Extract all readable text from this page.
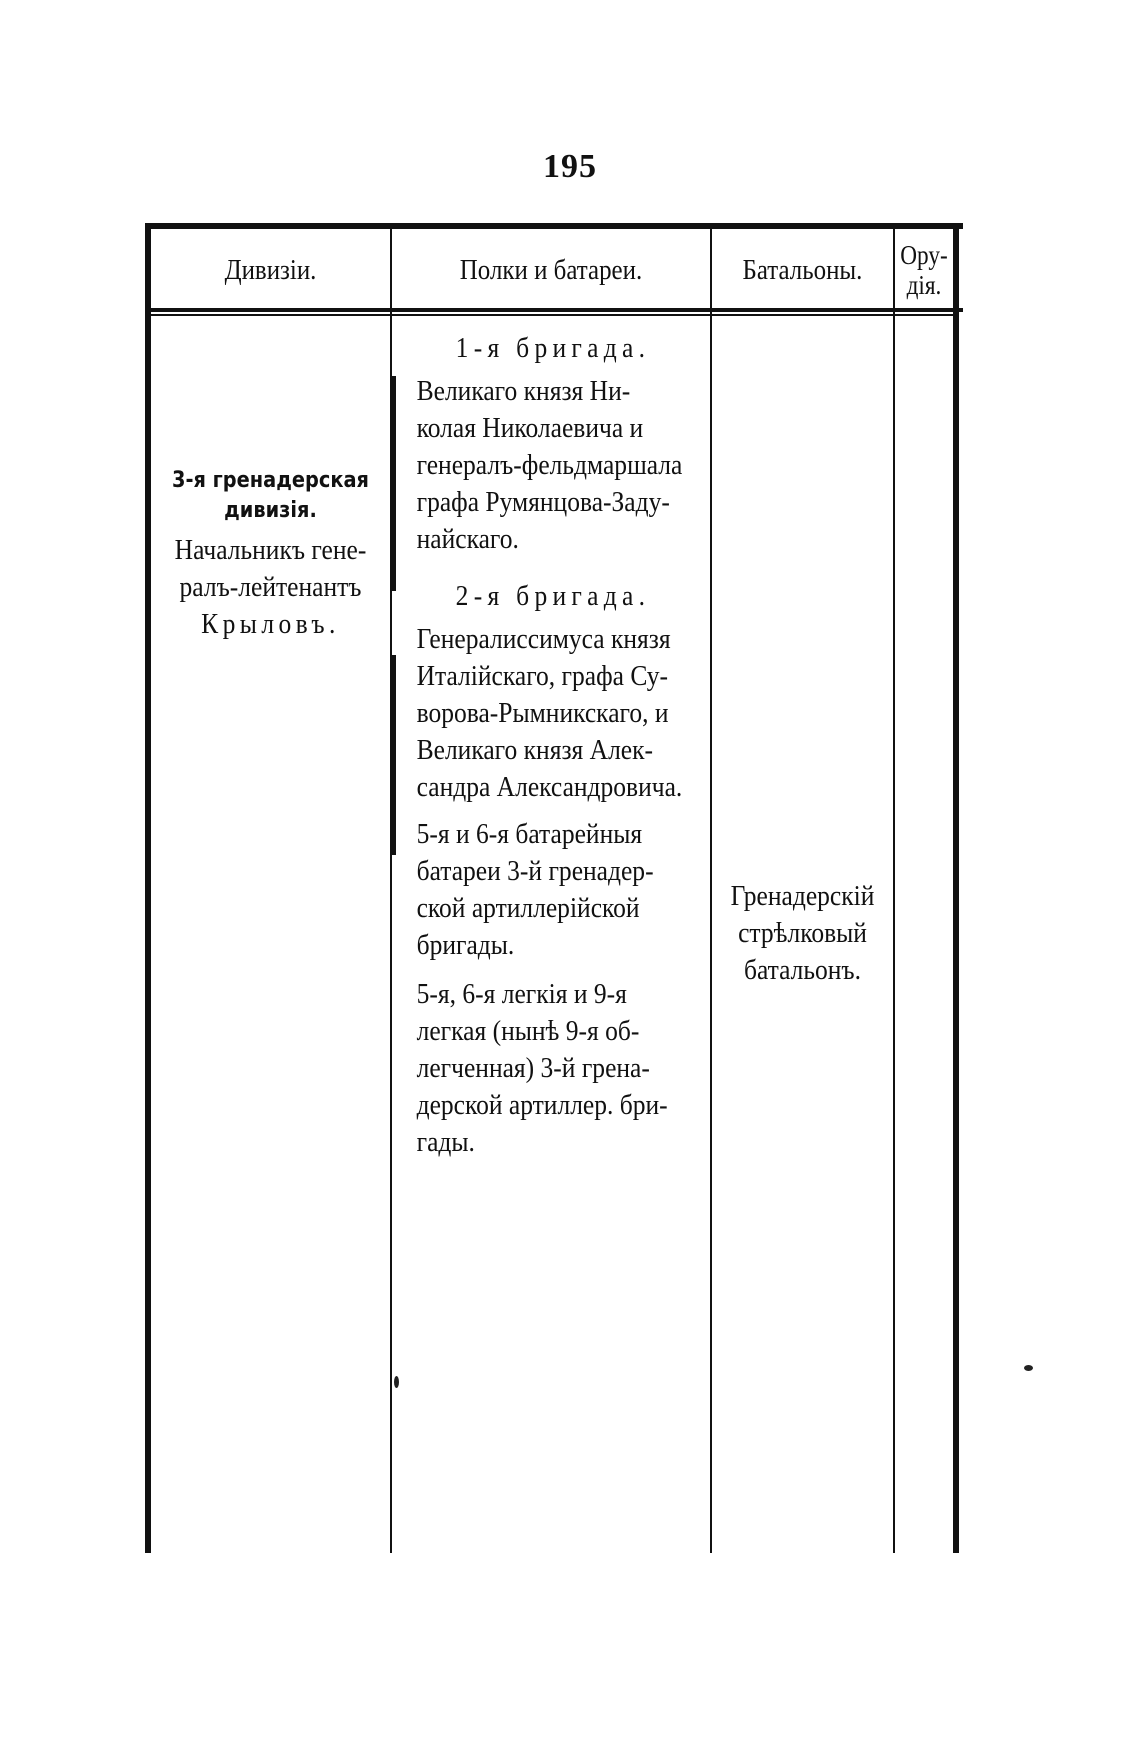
195
Дивизіи.	Полки и батареи.	Батальоны. Ору-
дія.

3-я гренадерская

дивизія.

Начальникъ гене-

ралъ-лейтенантъ

Крыловъ.

1-я бригада.

Великаго князя Ни-

колая Николаевича и

генералъ-фельдмаршала

графа Румянцова-Заду-

найскаго.

2-я бригада.

Генералиссимуса князя

Италійскаго, графа Су-

ворова-Рымникскаго, и

Великаго князя Алек-

сандра Александровича.

5-я и 6-я батарейныя

батареи 3-й гренадер-

ской артиллерійской

бригады.

5-я, 6-я легкія и 9-я

легкая (нынѣ 9-я об-

легченная) 3-й грена-

дерской артиллер. бри-

гады.

Гренадерскій

стрѣлковый

батальонъ.
